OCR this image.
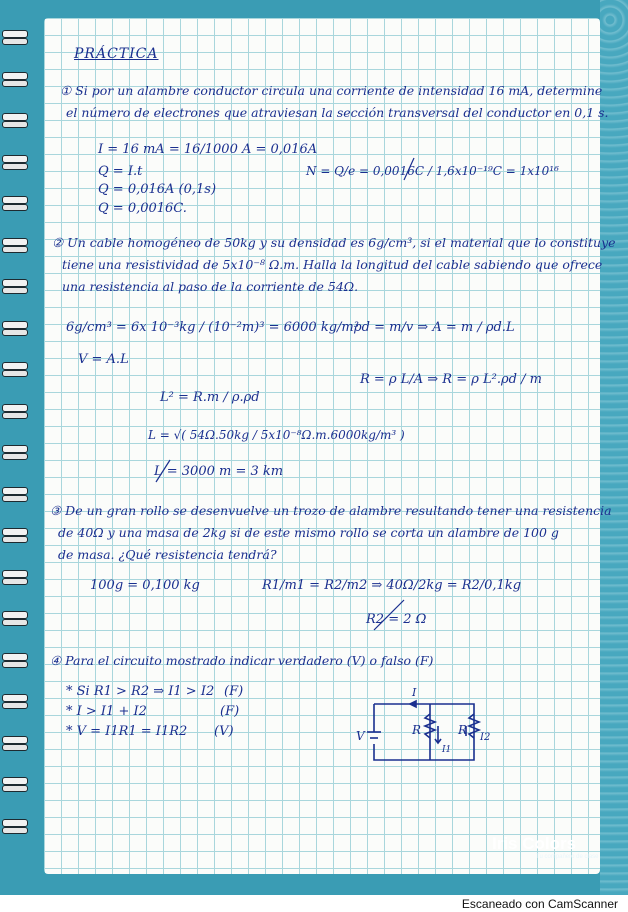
PRÁCTICA
① Si por un alambre conductor circula una corriente de intensidad 16 mA, determine
el número de electrones que atraviesan la sección transversal del conductor en 0,1 s.
I = 16 mA = 16/1000 A = 0,016A
Q = I.t
Q = 0,016A (0,1s)
Q = 0,0016C.
N = Q/e = 0,0016C / 1,6x10⁻¹⁹C = 1x10¹⁶
② Un cable homogéneo de 50kg y su densidad es 6g/cm³, si el material que lo constituye
tiene una resistividad de 5x10⁻⁸ Ω.m. Halla la longitud del cable sabiendo que ofrece
una resistencia al paso de la corriente de 54Ω.
6g/cm³ = 6x 10⁻³kg / (10⁻²m)³ = 6000 kg/m³
ρd = m/v ⇒ A = m / ρd.L
V = A.L
R = ρ L/A ⇒ R = ρ L².ρd / m
L² = R.m / ρ.ρd
L = √( 54Ω.50kg / 5x10⁻⁸Ω.m.6000kg/m³ )
L = 3000 m = 3 km
③ De un gran rollo se desenvuelve un trozo de alambre resultando tener una resistencia
de 40Ω y una masa de 2kg si de este mismo rollo se corta un alambre de 100 g
de masa. ¿Qué resistencia tendrá?
100g = 0,100 kg	R1/m1 = R2/m2 ⇒ 40Ω/2kg = R2/0,1kg
R2 = 2 Ω
④ Para el circuito mostrado indicar verdadero (V) o falso (F)
* Si R1 > R2 ⇒ I1 > I2 (F)
* I > I1 + I2	(F)
* V = I1R1 = I1R2 (V)
I
V	R	R
I1
I2
Iris Colors
Tu compañero de clase
Escaneado con CamScanner
